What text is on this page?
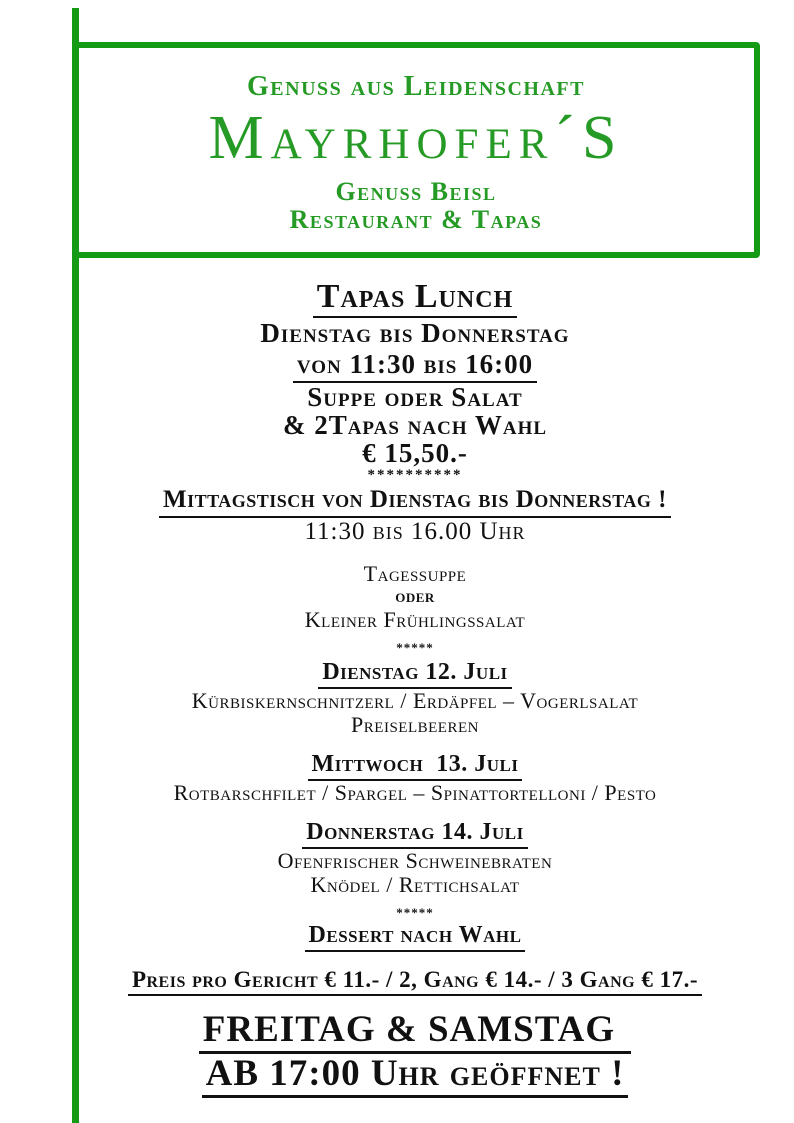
Genuss aus Leidenschaft
Mayrhofer´S
Genuss Beisl
Restaurant & Tapas
Tapas Lunch
Dienstag bis Donnerstag
von 11:30 bis 16:00
Suppe oder Salat
& 2Tapas nach Wahl
€ 15,50.-
**********
Mittagstisch von Dienstag bis Donnerstag !
11:30 bis 16.00 Uhr
Tagessuppe
oder
Kleiner Frühlingssalat
*****
Dienstag 12. Juli
Kürbiskernschnitzerl / Erdäpfel – Vogerlsalat
Preiselbeeren
Mittwoch  13. Juli
Rotbarschfilet / Spargel – Spinattortelloni / Pesto
Donnerstag 14. Juli
Ofenfrischer Schweinebraten
Knödel / Rettichsalat
*****
Dessert nach Wahl
Preis pro Gericht € 11.- / 2, Gang € 14.- / 3 Gang € 17.-
FREITAG & SAMSTAG
AB 17:00 Uhr geöffnet !
